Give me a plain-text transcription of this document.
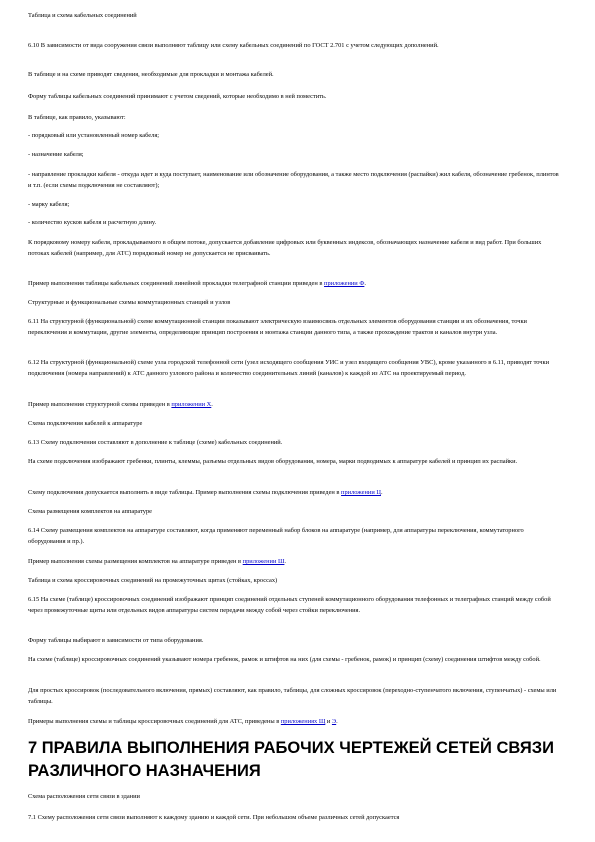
Таблица и схема кабельных соединений

6.10 В зависимости от вида сооружения связи выполняют таблицу или схему кабельных соединений по ГОСТ 2.701 с учетом следующих дополнений.

В таблице и на схеме приводят сведения, необходимые для прокладки и монтажа кабелей.

Форму таблицы кабельных соединений принимают с учетом сведений, которые необходимо в ней поместить.

В таблице, как правило, указывают:

- порядковый или установленный номер кабеля;

- назначение кабеля;

- направление прокладки кабеля - откуда идет и куда поступает, наименование или обозначение оборудования, а также место подключения (распайки) жил кабеля, обозначение гребенок, плинтов и т.п. (если схемы подключения не составляют);

- марку кабеля;

- количество кусков кабеля и расчетную длину.

К порядковому номеру кабеля, прокладываемого в общем потоке, допускается добавление цифровых или буквенных индексов, обозначающих назначение кабеля и вид работ. При больших потоках кабелей (например, для АТС) порядковый номер не допускается не присваивать.

Пример выполнения таблицы кабельных соединений линейной прокладки телеграфной станции приведен в приложении Ф.

Структурные и функциональные схемы коммутационных станций и узлов

6.11 На структурной (функциональной) схеме коммутационной станции показывают электрическую взаимосвязь отдельных элементов оборудования станции и их обозначения, точки переключения и коммутации, другие элементы, определяющие принцип построения и монтажа станции данного типа, а также прохождение трактов и каналов внутри узла.

6.12 На структурной (функциональной) схеме узла городской телефонной сети (узел исходящего сообщения УИС и узел входящего сообщения УВС), кроме указанного в 6.11, приводят точки подключения (номера направлений) к АТС данного узлового района и количество соединительных линий (каналов) к каждой из АТС на проектируемый период.

Пример выполнения структурной схемы приведен в приложении Х.

Схема подключения кабелей к аппаратуре

6.13 Схему подключения составляют в дополнение к таблице (схеме) кабельных соединений.

На схеме подключения изображают гребенки, плинты, клеммы, разъемы отдельных видов оборудования, номера, марки подводимых к аппаратуре кабелей и принцип их распайки.

Схему подключения допускается выполнять в виде таблицы. Пример выполнения схемы подключения приведен в приложении Ц.

Схема размещения комплектов на аппаратуре

6.14 Схему размещения комплектов на аппаратуре составляют, когда применяют переменный набор блоков на аппаратуре (например, для аппаратуры переключения, коммутаторного оборудования и пр.).

Пример выполнения схемы размещения комплектов на аппаратуре приведен в приложении Ш.

Таблица и схема кроссировочных соединений на промежуточных щитах (стойках, кроссах)

6.15 На схеме (таблице) кроссировочных соединений изображают принцип соединений отдельных ступеней коммутационного оборудования телефонных и телеграфных станций между собой через промежуточные щиты или отдельных видов аппаратуры систем передачи между собой через стойки переключения.

Форму таблицы выбирают в зависимости от типа оборудования.

На схеме (таблице) кроссировочных соединений указывают номера гребенок, рамок и штифтов на них (для схемы - гребенок, рамок) и принцип (схему) соединения штифтов между собой.

Для простых кроссировок (последовательного включения, прямых) составляют, как правило, таблицы, для сложных кроссировок (переходно-ступенчатого включения, ступенчатых) - схемы или таблицы.

Примеры выполнения схемы и таблицы кроссировочных соединений для АТС, приведены в приложениях Щ и Э.

7 ПРАВИЛА ВЫПОЛНЕНИЯ РАБОЧИХ ЧЕРТЕЖЕЙ СЕТЕЙ СВЯЗИ РАЗЛИЧНОГО НАЗНАЧЕНИЯ

Схема расположения сети связи в здании

7.1 Схему расположения сети связи выполняют к каждому зданию и каждой сети. При небольшом объеме различных сетей допускается
